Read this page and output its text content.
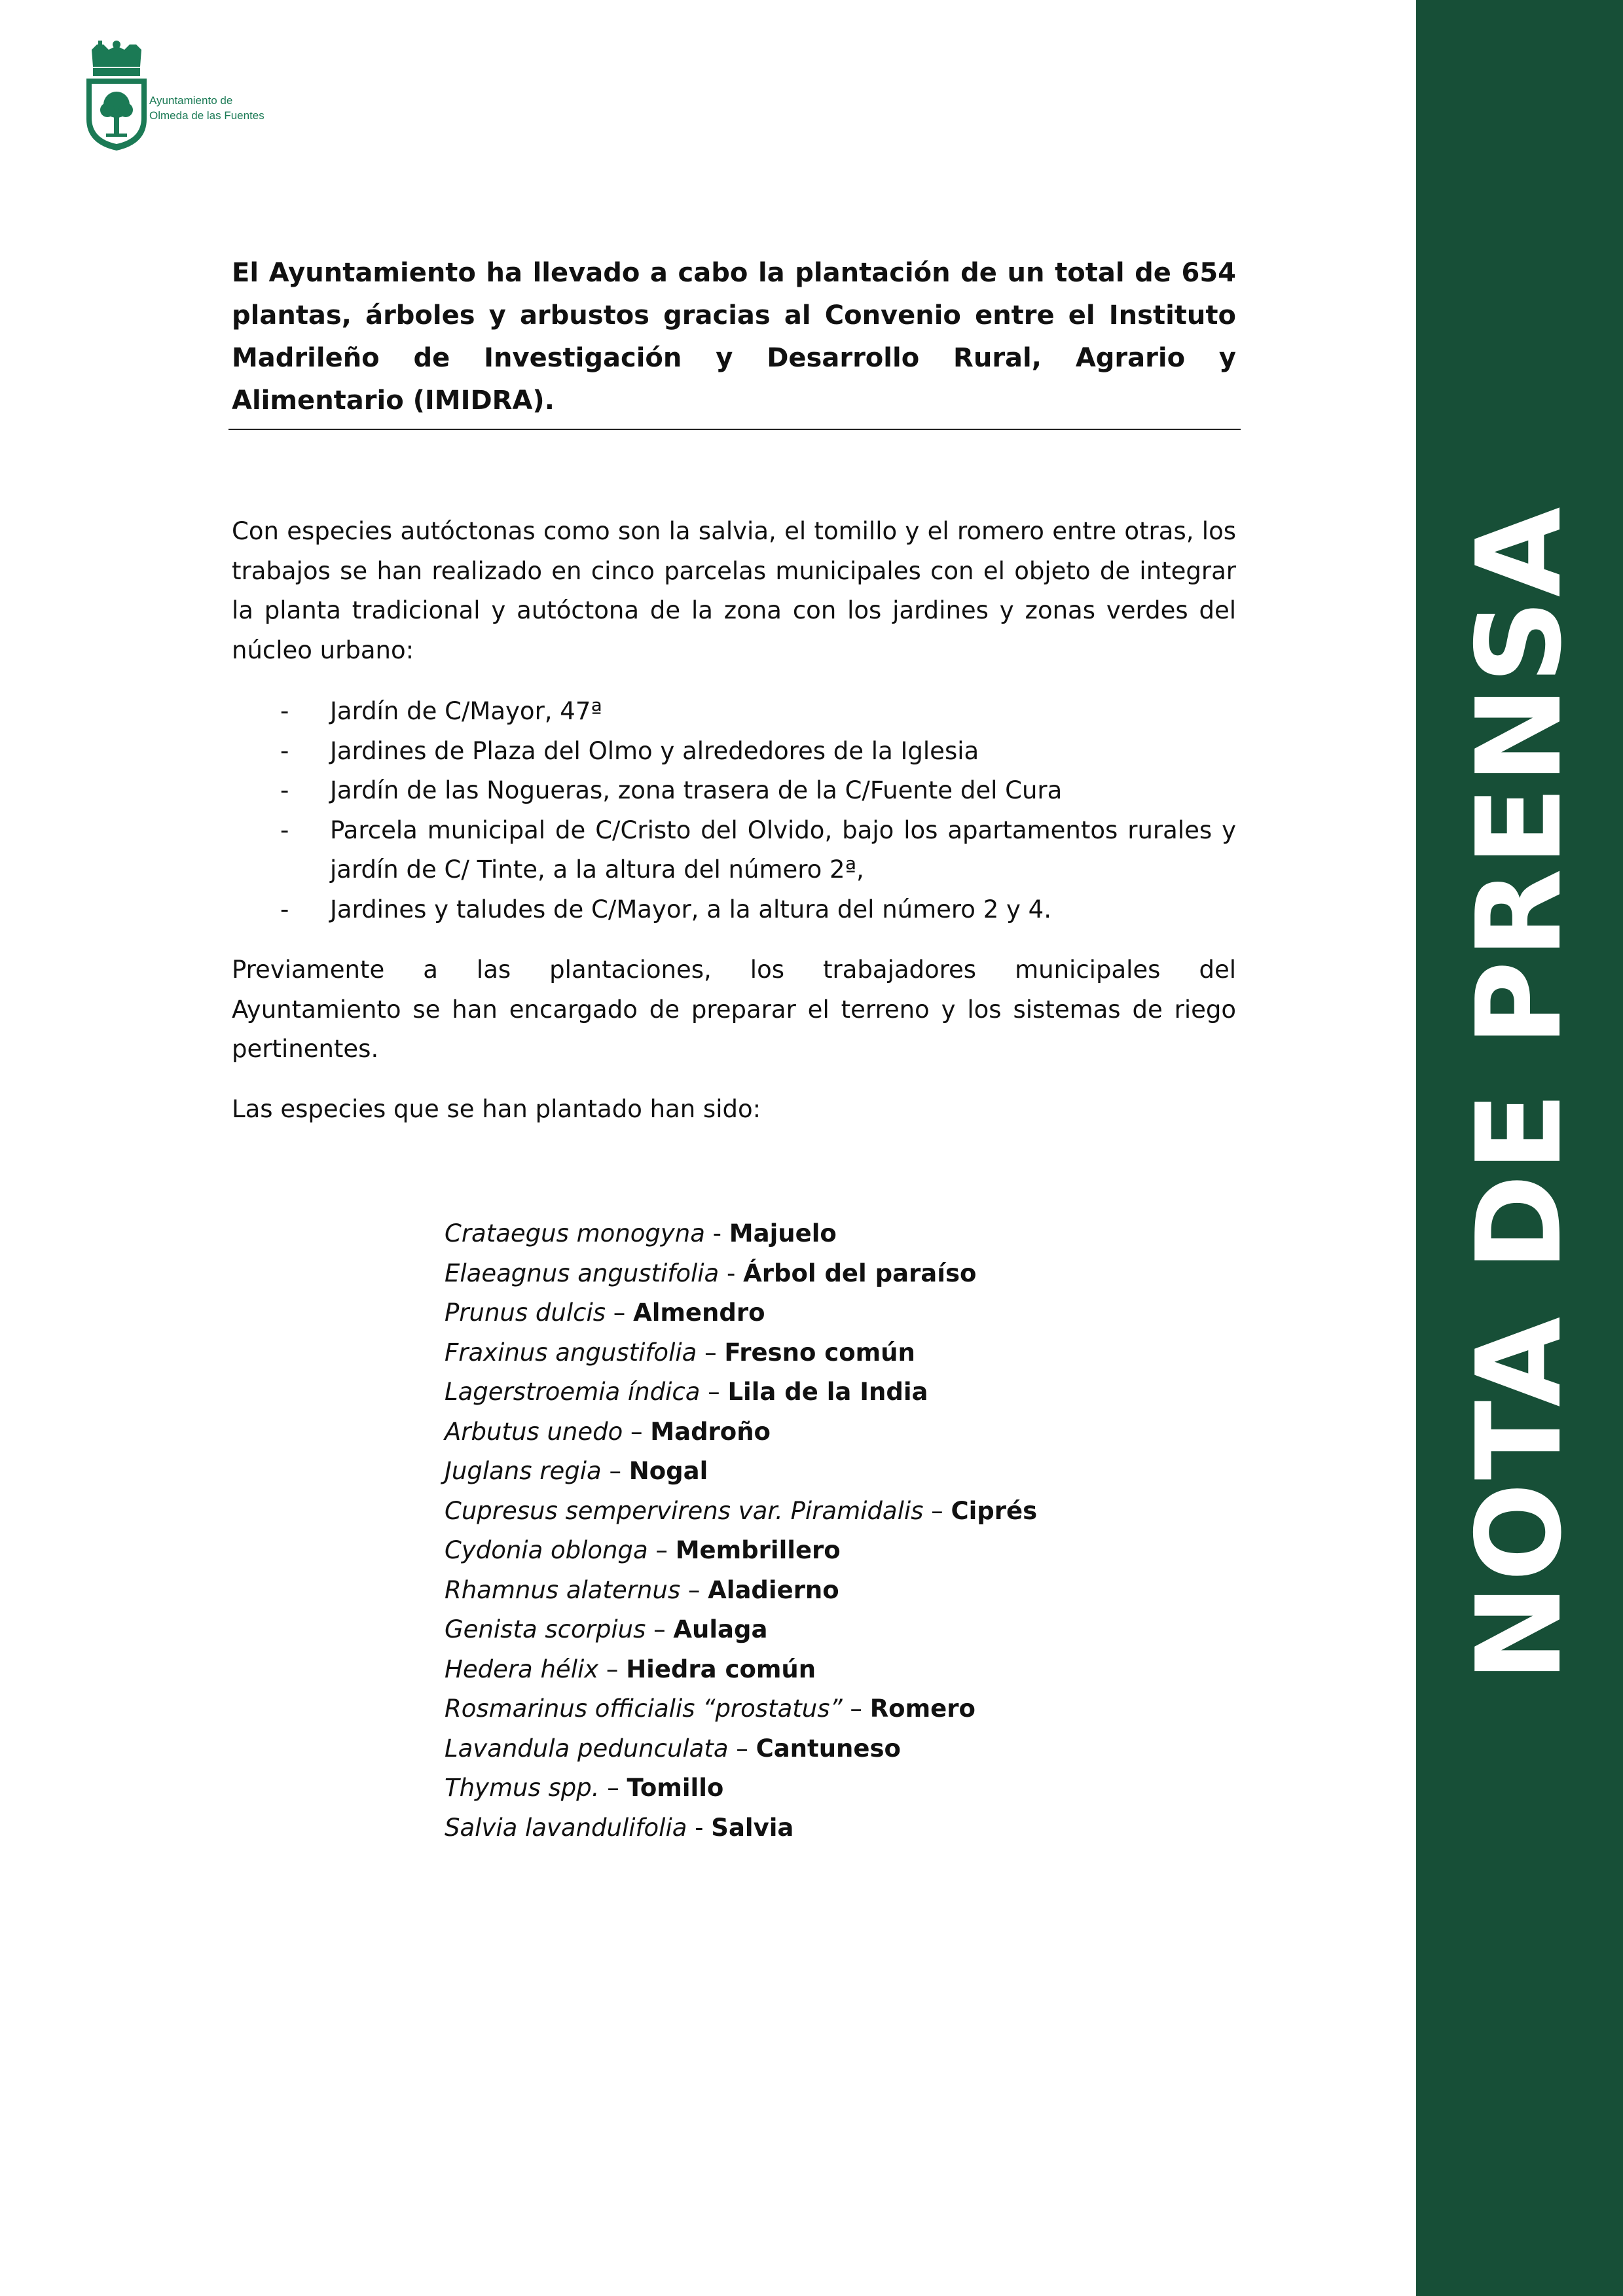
Ayuntamiento de
Olmeda de las Fuentes

El Ayuntamiento ha llevado a cabo la plantación de un total de 654 plantas, árboles y arbustos gracias al Convenio entre el Instituto Madrileño de Investigación y Desarrollo Rural, Agrario y Alimentario (IMIDRA).

Con especies autóctonas como son la salvia, el tomillo y el romero entre otras, los trabajos se han realizado en cinco parcelas municipales con el objeto de integrar la planta tradicional y autóctona de la zona con los jardines y zonas verdes del núcleo urbano:

- Jardín de C/Mayor, 47ª
- Jardines de Plaza del Olmo y alrededores de la Iglesia
- Jardín de las Nogueras, zona trasera de la C/Fuente del Cura
- Parcela municipal de C/Cristo del Olvido, bajo los apartamentos rurales y jardín de C/ Tinte, a la altura del número 2ª,
- Jardines y taludes de C/Mayor, a la altura del número 2 y 4.

Previamente a las plantaciones, los trabajadores municipales del
Ayuntamiento se han encargado de preparar el terreno y los sistemas de riego pertinentes.

Las especies que se han plantado han sido:

Crataegus monogyna - Majuelo
Elaeagnus angustifolia - Árbol del paraíso
Prunus dulcis – Almendro
Fraxinus angustifolia – Fresno común
Lagerstroemia índica – Lila de la India
Arbutus unedo – Madroño
Juglans regia – Nogal
Cupresus sempervirens var. Piramidalis – Ciprés
Cydonia oblonga – Membrillero
Rhamnus alaternus – Aladierno
Genista scorpius – Aulaga
Hedera hélix – Hiedra común
Rosmarinus officialis “prostatus” – Romero
Lavandula pedunculata – Cantuneso
Thymus spp. – Tomillo
Salvia lavandulifolia - Salvia
NOTA DE PRENSA
